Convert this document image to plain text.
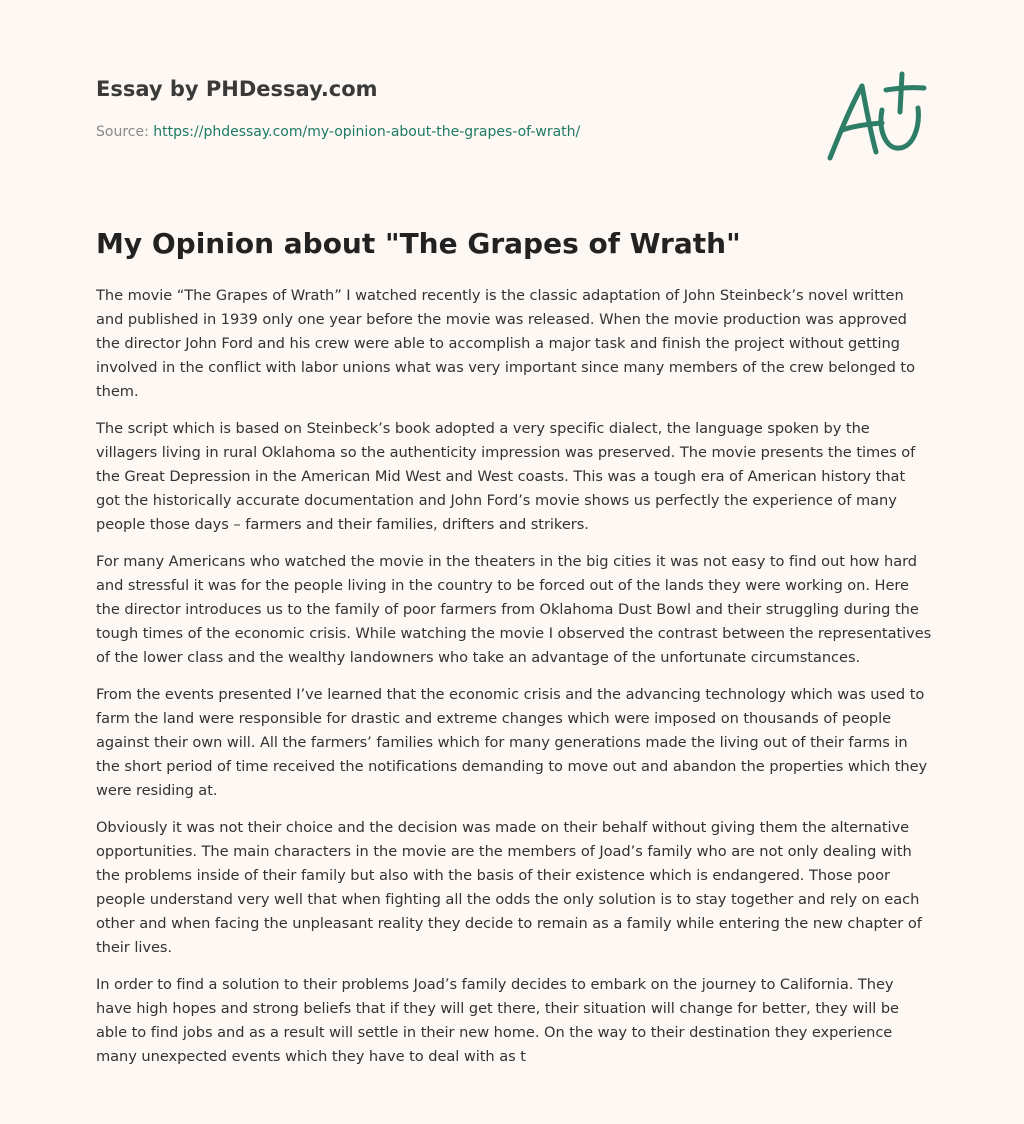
Essay by PHDessay.com
Source: https://phdessay.com/my-opinion-about-the-grapes-of-wrath/
My Opinion about "The Grapes of Wrath"

The movie “The Grapes of Wrath” I watched recently is the classic adaptation of John Steinbeck’s novel written and published in 1939 only one year before the movie was released. When the movie production was approved the director John Ford and his crew were able to accomplish a major task and finish the project without getting involved in the conflict with labor unions what was very important since many members of the crew belonged to them.

The script which is based on Steinbeck’s book adopted a very specific dialect, the language spoken by the villagers living in rural Oklahoma so the authenticity impression was preserved. The movie presents the times of the Great Depression in the American Mid West and West coasts. This was a tough era of American history that got the historically accurate documentation and John Ford’s movie shows us perfectly the experience of many people those days – farmers and their families, drifters and strikers.

For many Americans who watched the movie in the theaters in the big cities it was not easy to find out how hard and stressful it was for the people living in the country to be forced out of the lands they were working on. Here the director introduces us to the family of poor farmers from Oklahoma Dust Bowl and their struggling during the tough times of the economic crisis. While watching the movie I observed the contrast between the representatives of the lower class and the wealthy landowners who take an advantage of the unfortunate circumstances.

From the events presented I’ve learned that the economic crisis and the advancing technology which was used to farm the land were responsible for drastic and extreme changes which were imposed on thousands of people against their own will. All the farmers’ families which for many generations made the living out of their farms in the short period of time received the notifications demanding to move out and abandon the properties which they were residing at.

Obviously it was not their choice and the decision was made on their behalf without giving them the alternative opportunities. The main characters in the movie are the members of Joad’s family who are not only dealing with the problems inside of their family but also with the basis of their existence which is endangered. Those poor people understand very well that when fighting all the odds the only solution is to stay together and rely on each other and when facing the unpleasant reality they decide to remain as a family while entering the new chapter of their lives.

In order to find a solution to their problems Joad’s family decides to embark on the journey to California. They have high hopes and strong beliefs that if they will get there, their situation will change for better, they will be able to find jobs and as a result will settle in their new home. On the way to their destination they experience many unexpected events which they have to deal with as t
